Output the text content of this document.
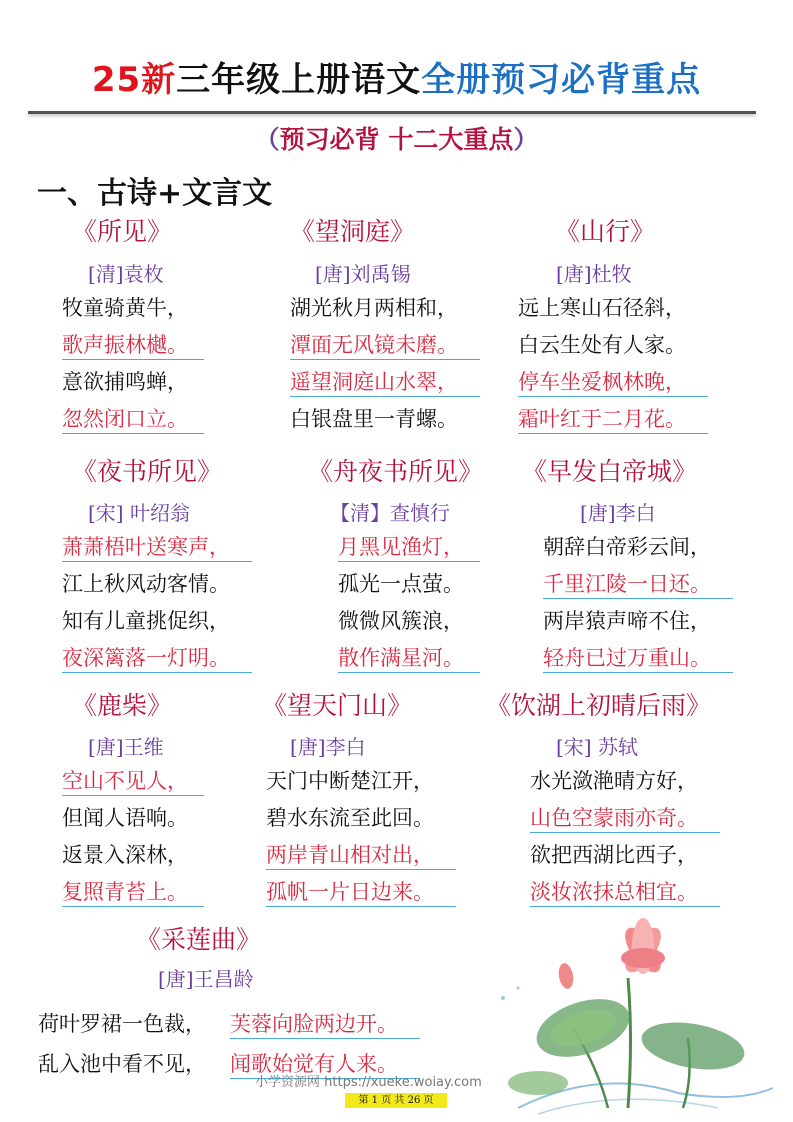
25新三年级上册语文全册预习必背重点
（预习必背 十二大重点）
一、古诗+文言文
《所见》
[清]袁枚
牧童骑黄牛，
歌声振林樾。
意欲捕鸣蝉，
忽然闭口立。
《望洞庭》
[唐]刘禹锡
湖光秋月两相和，
潭面无风镜未磨。
遥望洞庭山水翠，
白银盘里一青螺。
《山行》
[唐]杜牧
远上寒山石径斜，
白云生处有人家。
停车坐爱枫林晚，
霜叶红于二月花。
《夜书所见》
[宋] 叶绍翁
萧萧梧叶送寒声，
江上秋风动客情。
知有儿童挑促织，
夜深篱落一灯明。
《舟夜书所见》
【清】查慎行
月黑见渔灯，
孤光一点萤。
微微风簇浪，
散作满星河。
《早发白帝城》
[唐]李白
朝辞白帝彩云间，
千里江陵一日还。
两岸猿声啼不住，
轻舟已过万重山。
《鹿柴》
[唐]王维
空山不见人，
但闻人语响。
返景入深林，
复照青苔上。
《望天门山》
[唐]李白
天门中断楚江开，
碧水东流至此回。
两岸青山相对出，
孤帆一片日边来。
《饮湖上初晴后雨》
[宋] 苏轼
水光潋滟晴方好，
山色空蒙雨亦奇。
欲把西湖比西子，
淡妆浓抹总相宜。
《采莲曲》
[唐]王昌龄
荷叶罗裙一色裁， 芙蓉向脸两边开。
乱入池中看不见， 闻歌始觉有人来。
小学资源网 https://xueke.woiay.com
第 1 页 共 26 页
